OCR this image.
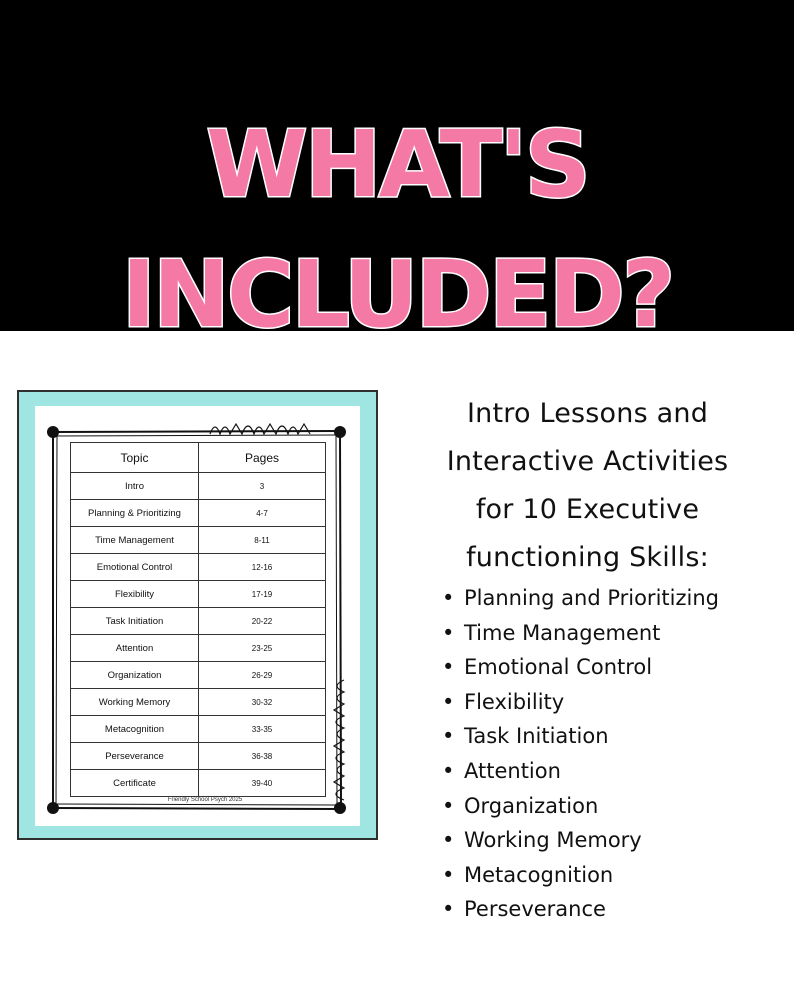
WHAT'S INCLUDED?
Topic	Pages
Intro	3
Planning & Prioritizing	4-7
Time Management	8-11
Emotional Control	12-16
Flexibility	17-19
Task Initiation	20-22
Attention	23-25
Organization	26-29
Working Memory	30-32
Metacognition	33-35
Perseverance	36-38
Certificate	39-40
Friendly School Psych 2025
Intro Lessons and
Interactive Activities
for 10 Executive
functioning Skills:
• Planning and Prioritizing
• Time Management
• Emotional Control
• Flexibility
• Task Initiation
• Attention
• Organization
• Working Memory
• Metacognition
• Perseverance
